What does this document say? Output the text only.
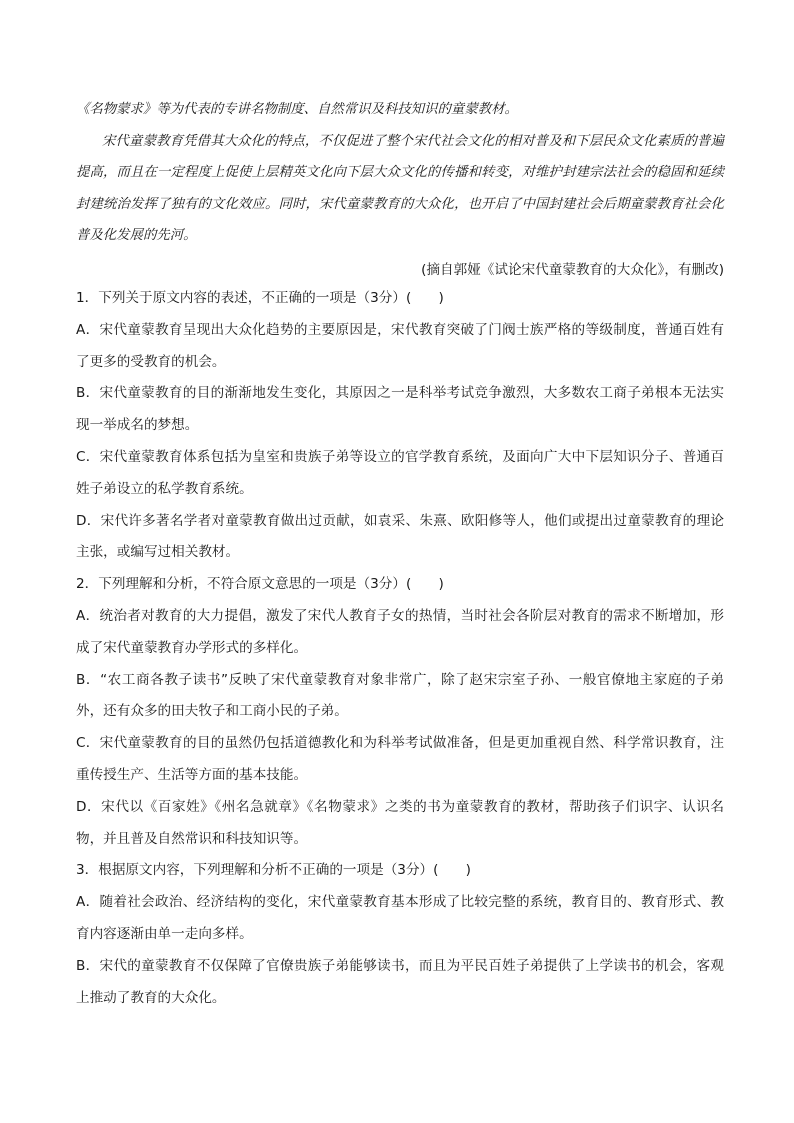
《名物蒙求》等为代表的专讲名物制度、自然常识及科技知识的童蒙教材。

宋代童蒙教育凭借其大众化的特点，不仅促进了整个宋代社会文化的相对普及和下层民众文化素质的普遍提高，而且在一定程度上促使上层精英文化向下层大众文化的传播和转变，对维护封建宗法社会的稳固和延续封建统治发挥了独有的文化效应。同时，宋代童蒙教育的大众化，也开启了中国封建社会后期童蒙教育社会化普及化发展的先河。

(摘自郭娅《试论宋代童蒙教育的大众化》，有删改)

1．下列关于原文内容的表述，不正确的一项是（3分）(　　)

A．宋代童蒙教育呈现出大众化趋势的主要原因是，宋代教育突破了门阀士族严格的等级制度，普通百姓有了更多的受教育的机会。

B．宋代童蒙教育的目的渐渐地发生变化，其原因之一是科举考试竞争激烈，大多数农工商子弟根本无法实现一举成名的梦想。

C．宋代童蒙教育体系包括为皇室和贵族子弟等设立的官学教育系统，及面向广大中下层知识分子、普通百姓子弟设立的私学教育系统。

D．宋代许多著名学者对童蒙教育做出过贡献，如袁采、朱熹、欧阳修等人，他们或提出过童蒙教育的理论主张，或编写过相关教材。

2．下列理解和分析，不符合原文意思的一项是（3分）(　　)

A．统治者对教育的大力提倡，激发了宋代人教育子女的热情，当时社会各阶层对教育的需求不断增加，形成了宋代童蒙教育办学形式的多样化。

B．“农工商各教子读书”反映了宋代童蒙教育对象非常广，除了赵宋宗室子孙、一般官僚地主家庭的子弟外，还有众多的田夫牧子和工商小民的子弟。

C．宋代童蒙教育的目的虽然仍包括道德教化和为科举考试做准备，但是更加重视自然、科学常识教育，注重传授生产、生活等方面的基本技能。

D．宋代以《百家姓》《州名急就章》《名物蒙求》之类的书为童蒙教育的教材，帮助孩子们识字、认识名物，并且普及自然常识和科技知识等。

3．根据原文内容，下列理解和分析不正确的一项是（3分）(　　)

A．随着社会政治、经济结构的变化，宋代童蒙教育基本形成了比较完整的系统，教育目的、教育形式、教育内容逐渐由单一走向多样。

B．宋代的童蒙教育不仅保障了官僚贵族子弟能够读书，而且为平民百姓子弟提供了上学读书的机会，客观上推动了教育的大众化。
